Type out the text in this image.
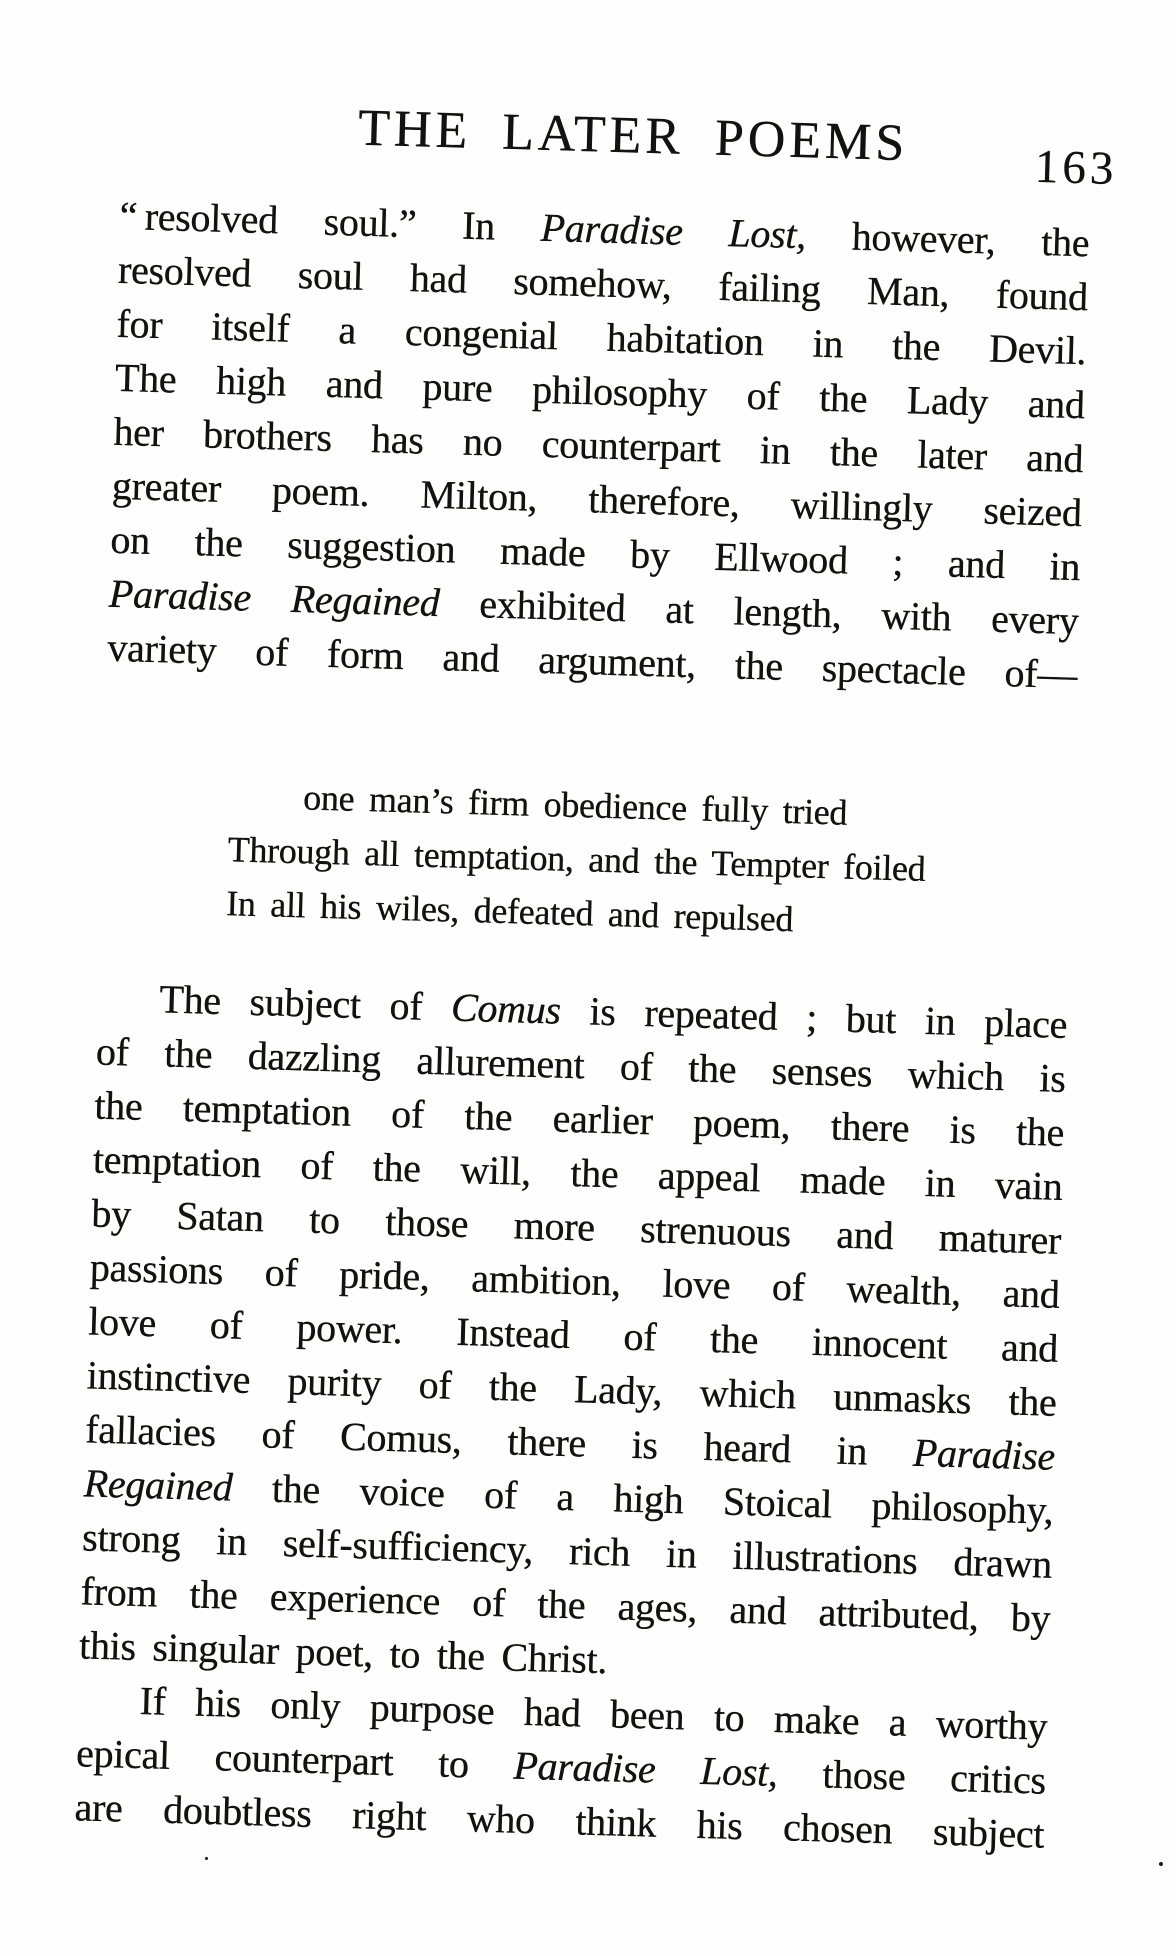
THE LATER POEMS	163
“ resolved soul.” In Paradise Lost, however, the
resolved soul had somehow, failing Man, found
for itself a congenial habitation in the Devil.
The high and pure philosophy of the Lady and
her brothers has no counterpart in the later and
greater poem. Milton, therefore, willingly seized
on the suggestion made by Ellwood ; and in
Paradise Regained exhibited at length, with every
variety of form and argument, the spectacle of—
one man’s firm obedience fully tried
Through all temptation, and the Tempter foiled
In all his wiles, defeated and repulsed
The subject of Comus is repeated ; but in place
of the dazzling allurement of the senses which is
the temptation of the earlier poem, there is the
temptation of the will, the appeal made in vain
by Satan to those more strenuous and maturer
passions of pride, ambition, love of wealth, and
love of power. Instead of the innocent and
instinctive purity of the Lady, which unmasks the
fallacies of Comus, there is heard in Paradise
Regained the voice of a high Stoical philosophy,
strong in self-sufficiency, rich in illustrations drawn
from the experience of the ages, and attributed, by
this singular poet, to the Christ.
If his only purpose had been to make a worthy
epical counterpart to Paradise Lost, those critics
are doubtless right who think his chosen subject
